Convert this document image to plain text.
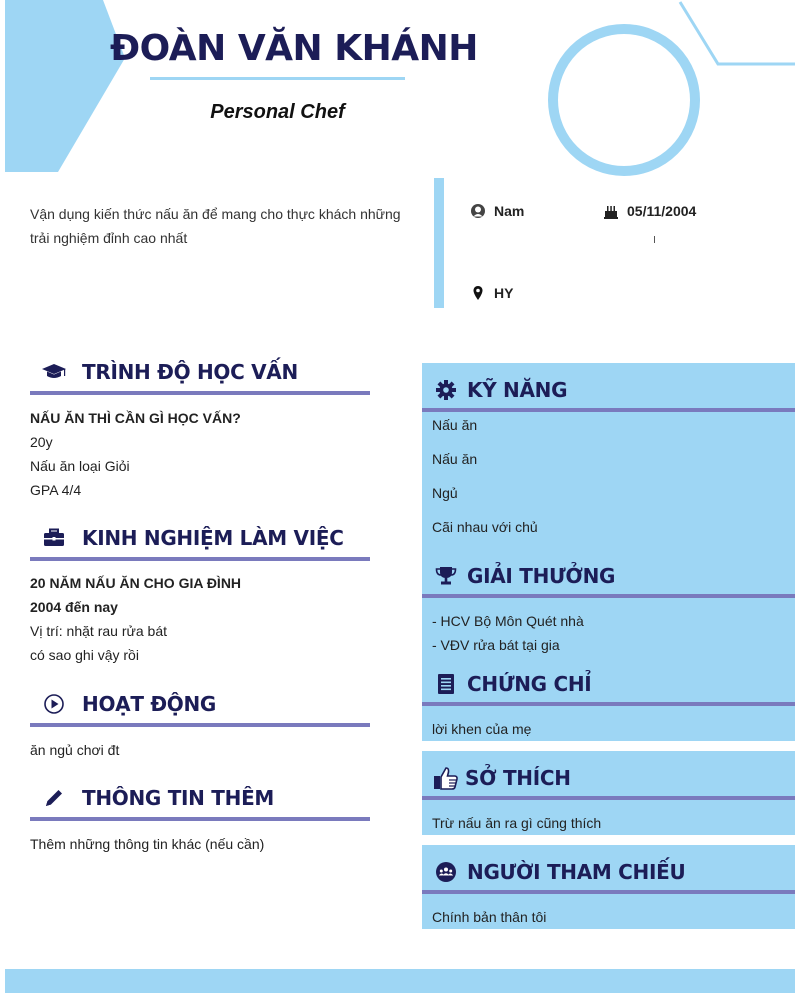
ĐOÀN VĂN KHÁNH
Personal Chef
Vận dụng kiến thức nấu ăn để mang cho thực khách những trải nghiệm đỉnh cao nhất
Nam	05/11/2004
HY
TRÌNH ĐỘ HỌC VẤN
NẤU ĂN THÌ CẦN GÌ HỌC VẤN?
20y
Nấu ăn loại Giỏi
GPA 4/4
KINH NGHIỆM LÀM VIỆC
20 NĂM NẤU ĂN CHO GIA ĐÌNH
2004 đến nay
Vị trí: nhặt rau rửa bát
có sao ghi vậy rồi
HOẠT ĐỘNG
ăn ngủ chơi đt
THÔNG TIN THÊM
Thêm những thông tin khác (nếu cần)
KỸ NĂNG
Nấu ăn
Nấu ăn
Ngủ
Cãi nhau với chủ
GIẢI THƯỞNG
- HCV Bộ Môn Quét nhà
- VĐV rửa bát tại gia
CHỨNG CHỈ
lời khen của mẹ
SỞ THÍCH
Trừ nấu ăn ra gì cũng thích
NGƯỜI THAM CHIẾU
Chính bản thân tôi
